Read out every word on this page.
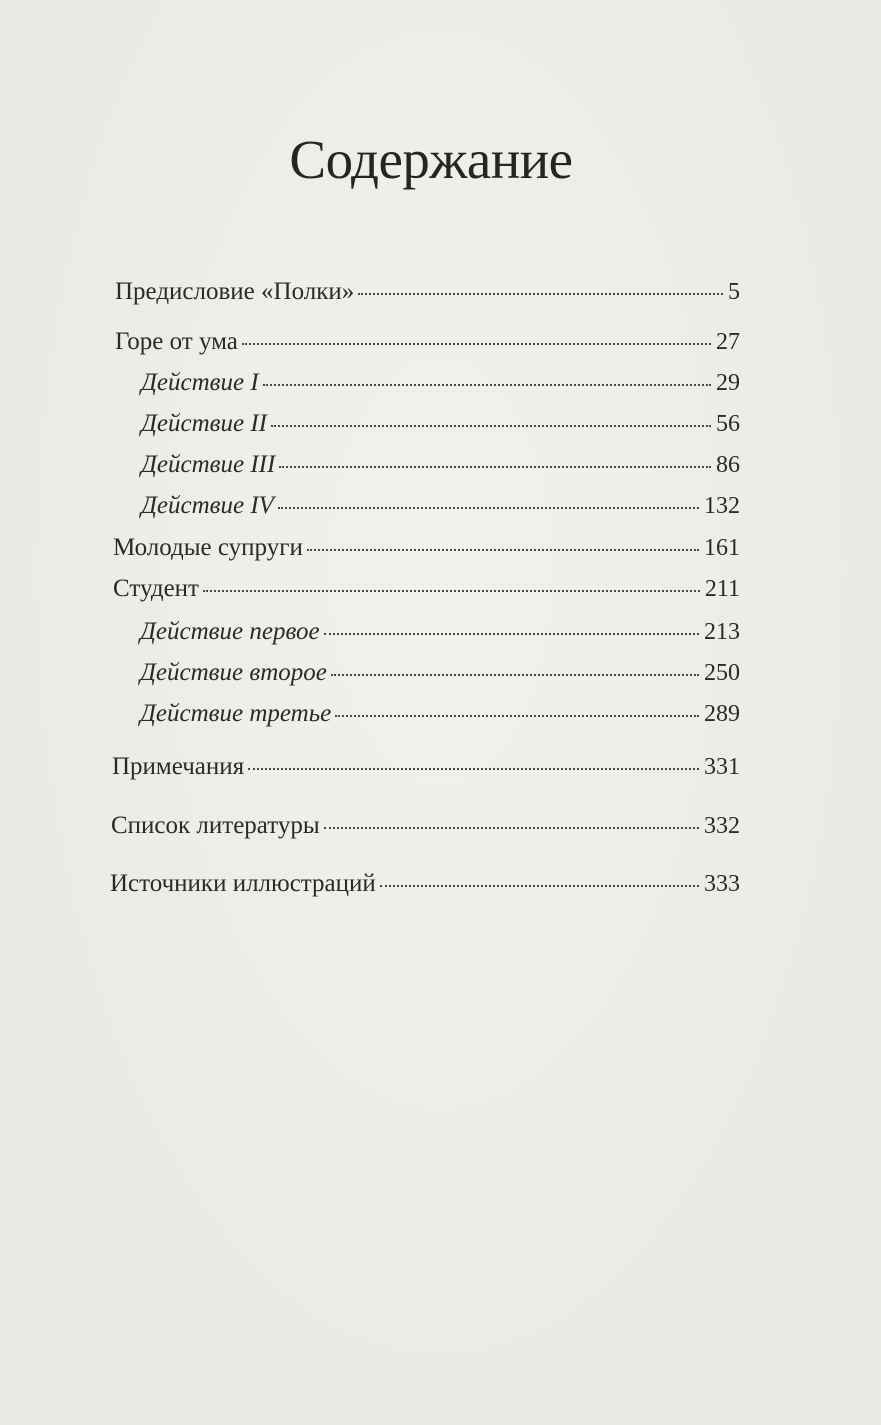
Содержание
Предисловие «Полки»	5
Горе от ума	27
Действие I	29
Действие II	56
Действие III	86
Действие IV	132
Молодые супруги	161
Студент	211
Действие первое	213
Действие второе	250
Действие третье	289
Примечания	331
Список литературы	332
Источники иллюстраций	333
